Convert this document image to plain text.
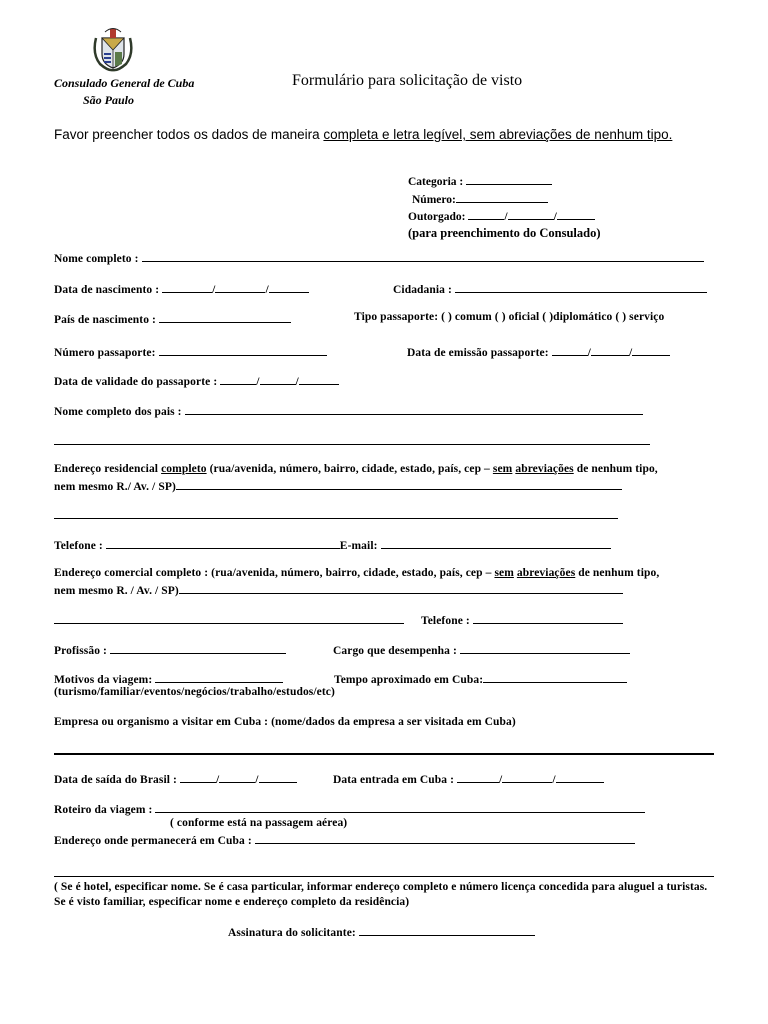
Consulado General de Cuba
São Paulo
Formulário para solicitação de visto
Favor preencher todos os dados de maneira completa e letra legível, sem abreviações de nenhum tipo.
Categoria :
Número:
Outorgado:	/	/
(para preenchimento do Consulado)
Nome completo :
Data de nascimento :	/	/	Cidadania :
País de nascimento :	Tipo passaporte: ( ) comum ( ) oficial ( )diplomático ( ) serviço
Número passaporte:	Data de emissão passaporte:	/	/
Data de validade do passaporte :	/	/
Nome completo dos pais :
Endereço residencial completo (rua/avenida, número, bairro, cidade, estado, país, cep – sem abreviações de nenhum tipo,
nem mesmo R./ Av. / SP)
Telefone :	E-mail:
Endereço comercial completo : (rua/avenida, número, bairro, cidade, estado, país, cep – sem abreviações de nenhum tipo,
nem mesmo R. / Av. / SP)
Telefone :
Profissão :	Cargo que desempenha :
Motivos da viagem:	Tempo aproximado em Cuba:
(turismo/familiar/eventos/negócios/trabalho/estudos/etc)
Empresa ou organismo a visitar em Cuba : (nome/dados da empresa a ser visitada em Cuba)
Data de saída do Brasil :	/	/	Data entrada em Cuba :	/	/
Roteiro da viagem :
( conforme está na passagem aérea)
Endereço onde permanecerá em Cuba :
( Se é hotel, especificar nome. Se é casa particular, informar endereço completo e número licença concedida para aluguel a turistas. Se é visto familiar, especificar nome e endereço completo da residência)
Assinatura do solicitante:
